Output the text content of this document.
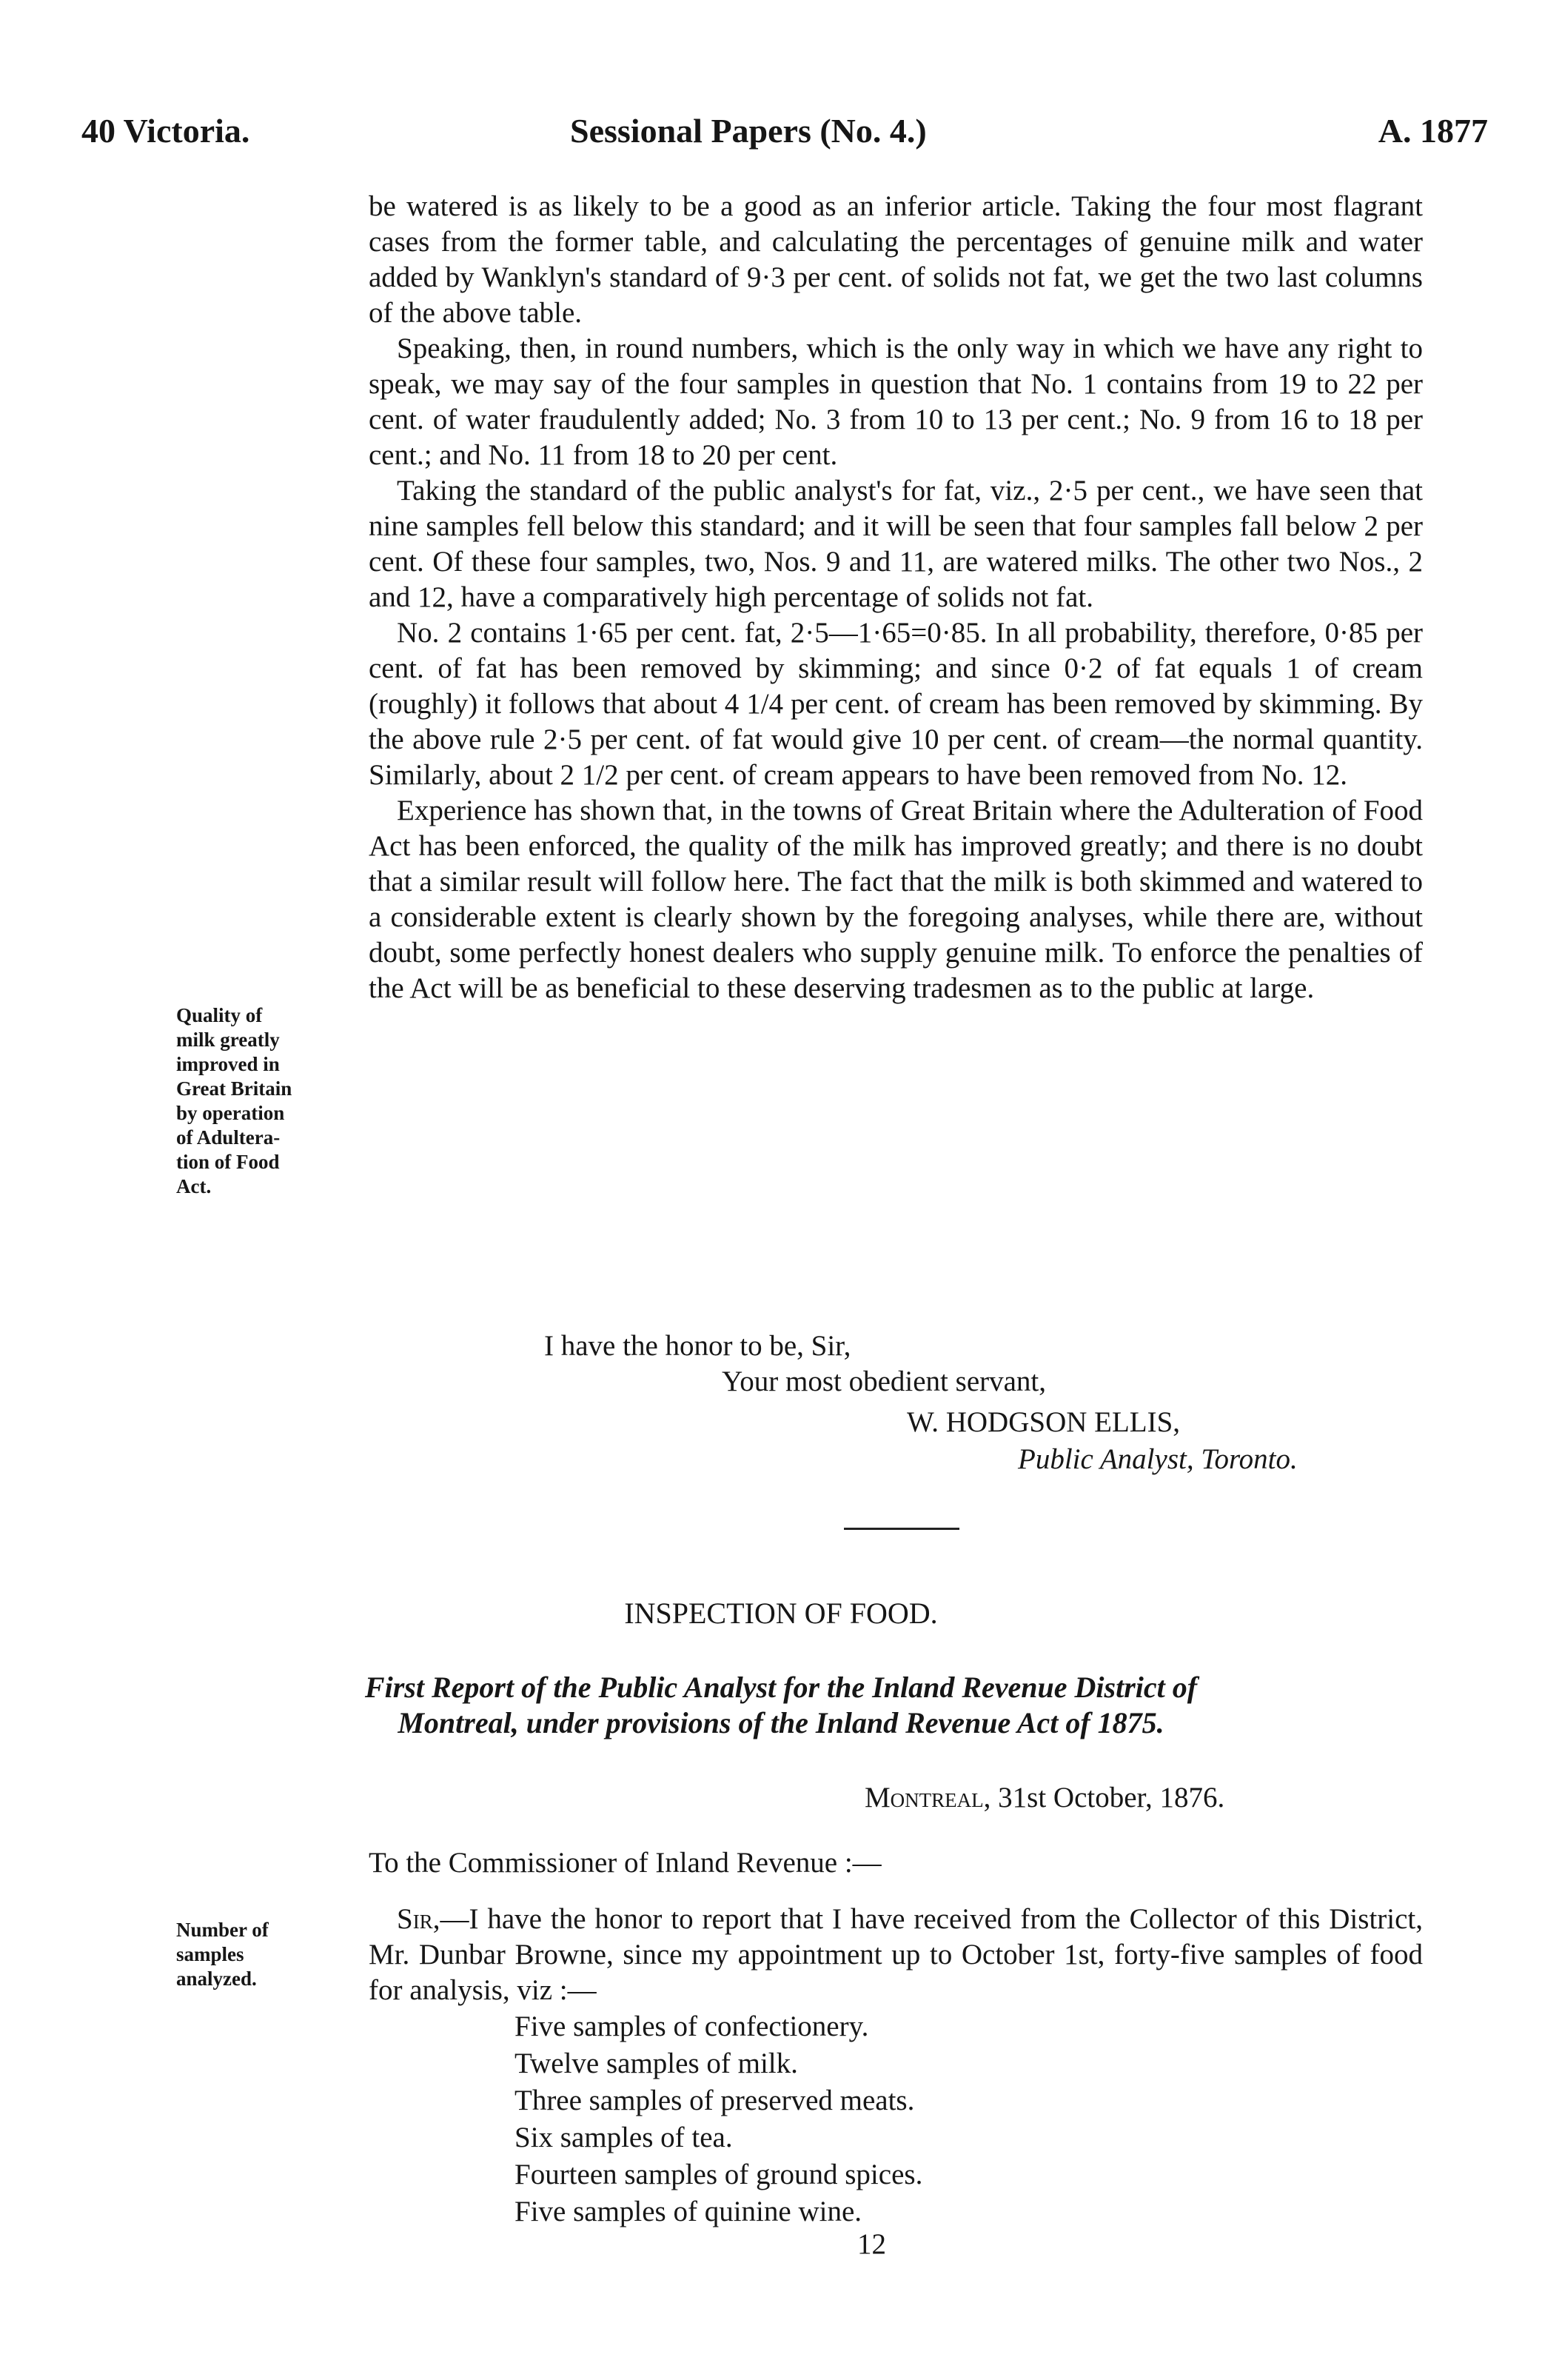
40 Victoria.	Sessional Papers (No. 4.)	A. 1877

be watered is as likely to be a good as an inferior article. Taking the four most flagrant cases from the former table, and calculating the percentages of genuine milk and water added by Wanklyn's standard of 9·3 per cent. of solids not fat, we get the two last columns of the above table.

Speaking, then, in round numbers, which is the only way in which we have any right to speak, we may say of the four samples in question that No. 1 contains from 19 to 22 per cent. of water fraudulently added; No. 3 from 10 to 13 per cent.; No. 9 from 16 to 18 per cent.; and No. 11 from 18 to 20 per cent.

Taking the standard of the public analyst's for fat, viz., 2·5 per cent., we have seen that nine samples fell below this standard; and it will be seen that four samples fall below 2 per cent. Of these four samples, two, Nos. 9 and 11, are watered milks. The other two Nos., 2 and 12, have a comparatively high percentage of solids not fat.

No. 2 contains 1·65 per cent. fat, 2·5—1·65=0·85. In all probability, therefore, 0·85 per cent. of fat has been removed by skimming; and since 0·2 of fat equals 1 of cream (roughly) it follows that about 4 1/4 per cent. of cream has been removed by skimming. By the above rule 2·5 per cent. of fat would give 10 per cent. of cream—the normal quantity. Similarly, about 2 1/2 per cent. of cream appears to have been removed from No. 12.

Experience has shown that, in the towns of Great Britain where the Adulteration of Food Act has been enforced, the quality of the milk has improved greatly; and there is no doubt that a similar result will follow here. The fact that the milk is both skimmed and watered to a considerable extent is clearly shown by the foregoing analyses, while there are, without doubt, some perfectly honest dealers who supply genuine milk. To enforce the penalties of the Act will be as beneficial to these deserving tradesmen as to the public at large.

Quality of
milk greatly
improved in
Great Britain
by operation
of Adultera-
tion of Food
Act.
I have the honor to be, Sir,
Your most obedient servant,
W. HODGSON ELLIS,
Public Analyst, Toronto.
INSPECTION OF FOOD.
First Report of the Public Analyst for the Inland Revenue District of
Montreal, under provisions of the Inland Revenue Act of 1875.
Montreal, 31st October, 1876.
To the Commissioner of Inland Revenue :—

Sir,—I have the honor to report that I have received from the Collector of this District, Mr. Dunbar Browne, since my appointment up to October 1st, forty-five samples of food for analysis, viz :—

Number of
samples
analyzed.
Five samples of confectionery.
Twelve samples of milk.
Three samples of preserved meats.
Six samples of tea.
Fourteen samples of ground spices.
Five samples of quinine wine.
12
